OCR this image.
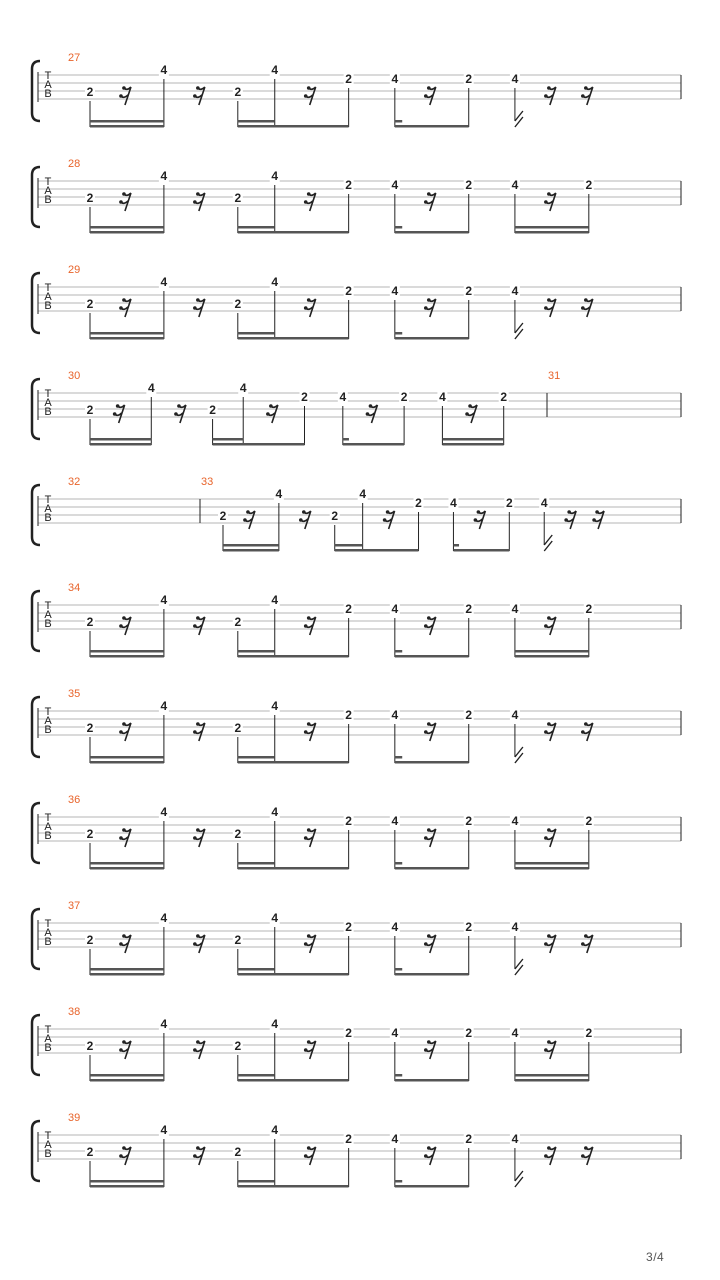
T
A
B
27
2
4
2
4
2	4	2	4
T
A
B
28
2
4
2
4
2	4	2	4	2
T
A
B
29
2
4
2
4
2	4	2	4
T
A
B
30
2
4
2
4
2	4	2	4	2
31
T
A
B
32	33
2
4
2
4
2 4	2 4
T
A
B
34
2
4
2
4
2	4	2	4	2
T
A
B
35
2
4
2
4
2	4	2	4
T
A
B
36
2
4
2
4
2	4	2	4	2
T
A
B
37
2
4
2
4
2	4	2	4
T
A
B
38
2
4
2
4
2	4	2	4	2
T
A
B
39
2
4
2
4
2	4	2	4
3/4
